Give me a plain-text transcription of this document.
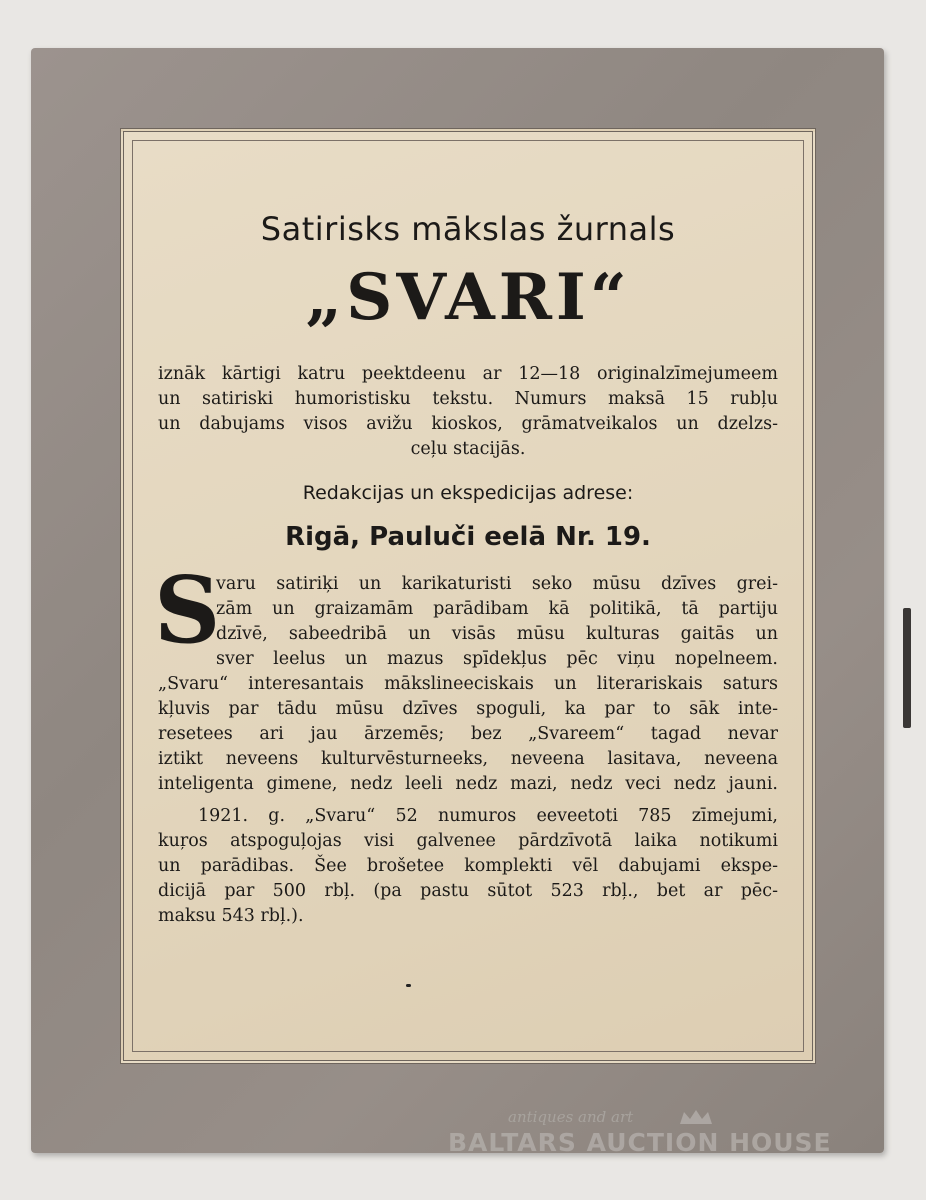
Satirisks mākslas žurnals
„SVARI“
iznāk kārtigi katru peektdeenu ar 12—18 originalzīmejumeem
un satiriski humoristisku tekstu. Numurs maksā 15 rubļu
un dabujams visos avižu kioskos, grāmatveikalos un dzelzs-
ceļu stacijās.
Redakcijas un ekspedicijas adrese:
Rigā, Pauluči eelā Nr. 19.
S
varu satiriķi un karikaturisti seko mūsu dzīves grei-
zām un graizamām parādibam kā politikā, tā partiju
dzīvē, sabeedribā un visās mūsu kulturas gaitās un
sver leelus un mazus spīdekļus pēc viņu nopelneem.
„Svaru“ interesantais mākslineeciskais un literariskais saturs
kļuvis par tādu mūsu dzīves spoguli, ka par to sāk inte-
resetees ari jau ārzemēs; bez „Svareem“ tagad nevar
iztikt neveens kulturvēsturneeks, neveena lasitava, neveena
inteligenta gimene, nedz leeli nedz mazi, nedz veci nedz jauni.
1921. g. „Svaru“ 52 numuros eeveetoti 785 zīmejumi,
kuŗos atspoguļojas visi galvenee pārdzīvotā laika notikumi
un parādibas. Šee brošetee komplekti vēl dabujami ekspe-
dicijā par 500 rbļ. (pa pastu sūtot 523 rbļ., bet ar pēc-
maksu 543 rbļ.).
antiques and art
BALTARS AUCTION HOUSE
